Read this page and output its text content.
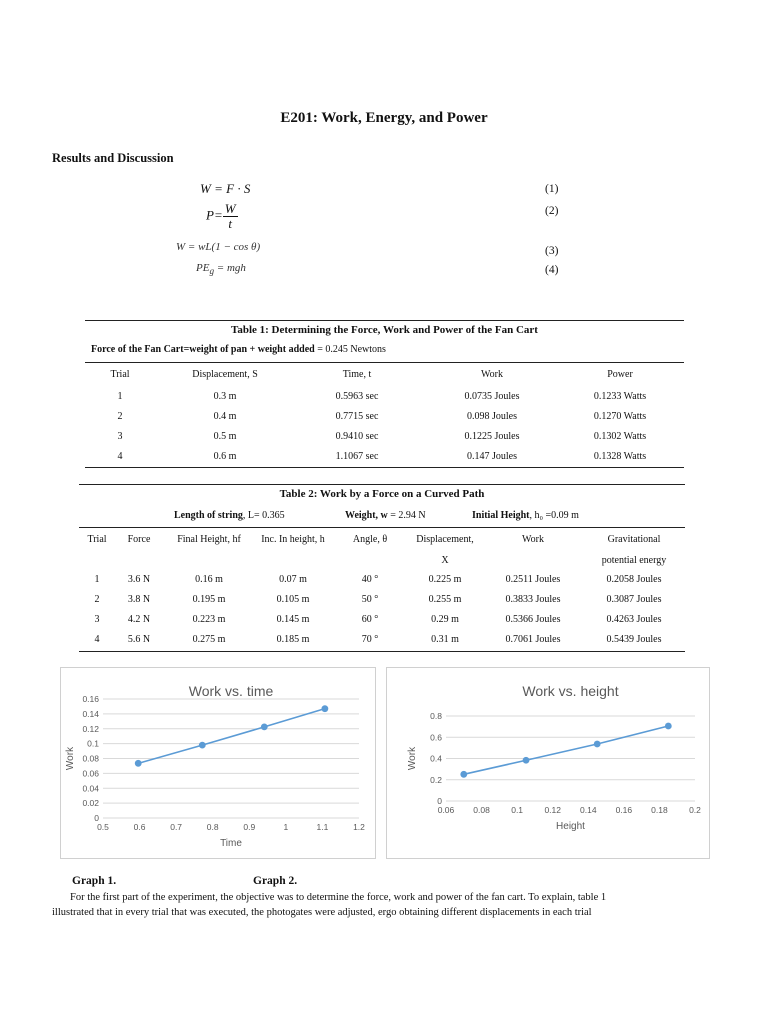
E201: Work, Energy, and Power
Results and Discussion
W = F · S	(1)
$P= \frac{W}{t}$	(2)
W = wL(1 − cos θ)	(3)
$PE_g$ = mgh	(4)
Table 1: Determining the Force, Work and Power of the Fan Cart
Force of the Fan Cart=weight of pan + weight added = 0.245 Newtons
Trial	Displacement, S	Time, t	Work	Power
1	0.3 m	0.5963 sec	0.0735 Joules	0.1233 Watts
2	0.4 m	0.7715 sec	0.098 Joules	0.1270 Watts
3	0.5 m	0.9410 sec	0.1225 Joules	0.1302 Watts
4	0.6 m	1.1067 sec	0.147 Joules	0.1328 Watts
Table 2: Work by a Force on a Curved Path
Length of string, L= 0.365	Weight, w = 2.94 N	Initial Height, h₀ =0.09 m
Trial	Force	Final Height, hf	Inc. In height, h	Angle, θ	Displacement,	Work	Gravitational
X	potential energy
1	3.6 N	0.16 m	0.07 m	40 °	0.225 m	0.2511 Joules	0.2058 Joules
2	3.8 N	0.195 m	0.105 m	50 °	0.255 m	0.3833 Joules	0.3087 Joules
3	4.2 N	0.223 m	0.145 m	60 °	0.29 m	0.5366 Joules	0.4263 Joules
4	5.6 N	0.275 m	0.185 m	70 °	0.31 m	0.7061 Joules	0.5439 Joules
0
0.02
0.04
0.06
0.08
0.1
0.12
0.14
0.16
0.5	0.6	0.7	0.8	0.9	1	1.1	1.2
Work vs. time
Time
Work
0
0.2
0.4
0.6
0.8
0.06 0.08	0.1	0.12 0.14 0.16 0.18	0.2
Work vs. height
Height
Work
Graph 1.	Graph 2.
For the first part of the experiment, the objective was to determine the force, work and power of the fan cart. To explain, table 1
illustrated that in every trial that was executed, the photogates were adjusted, ergo obtaining different displacements in each trial
